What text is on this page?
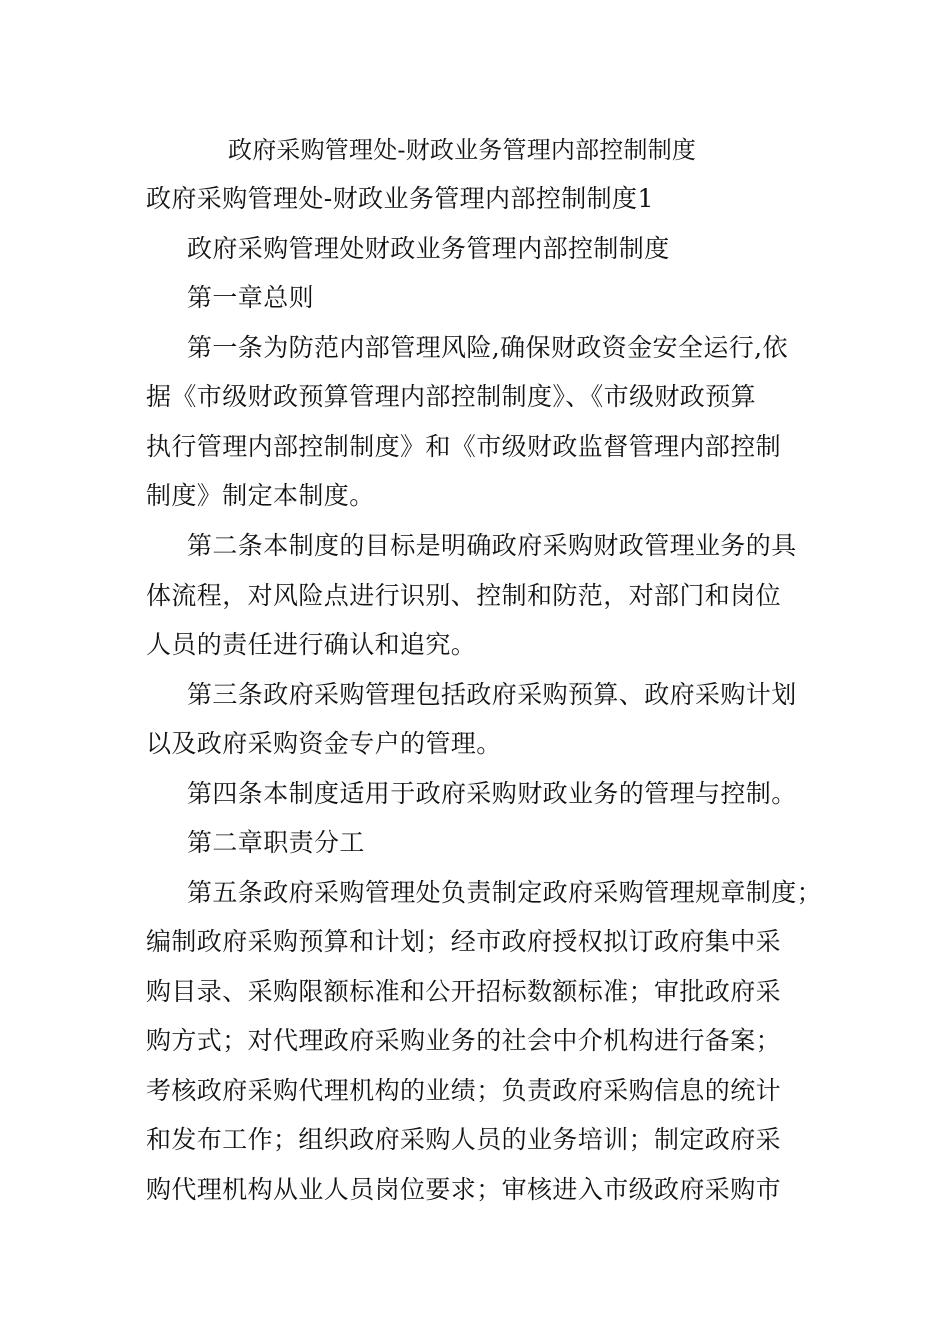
政府采购管理处-财政业务管理内部控制制度
政府采购管理处-财政业务管理内部控制制度1
政府采购管理处财政业务管理内部控制制度
第一章总则
第一条为防范内部管理风险,确保财政资金安全运行,依
据《市级财政预算管理内部控制制度》、《市级财政预算
执行管理内部控制制度》和《市级财政监督管理内部控制
制度》制定本制度。
第二条本制度的目标是明确政府采购财政管理业务的具
体流程，对风险点进行识别、控制和防范，对部门和岗位
人员的责任进行确认和追究。
第三条政府采购管理包括政府采购预算、政府采购计划
以及政府采购资金专户的管理。
第四条本制度适用于政府采购财政业务的管理与控制。
第二章职责分工
第五条政府采购管理处负责制定政府采购管理规章制度；
编制政府采购预算和计划；经市政府授权拟订政府集中采
购目录、采购限额标准和公开招标数额标准；审批政府采
购方式；对代理政府采购业务的社会中介机构进行备案；
考核政府采购代理机构的业绩；负责政府采购信息的统计
和发布工作；组织政府采购人员的业务培训；制定政府采
购代理机构从业人员岗位要求；审核进入市级政府采购市
